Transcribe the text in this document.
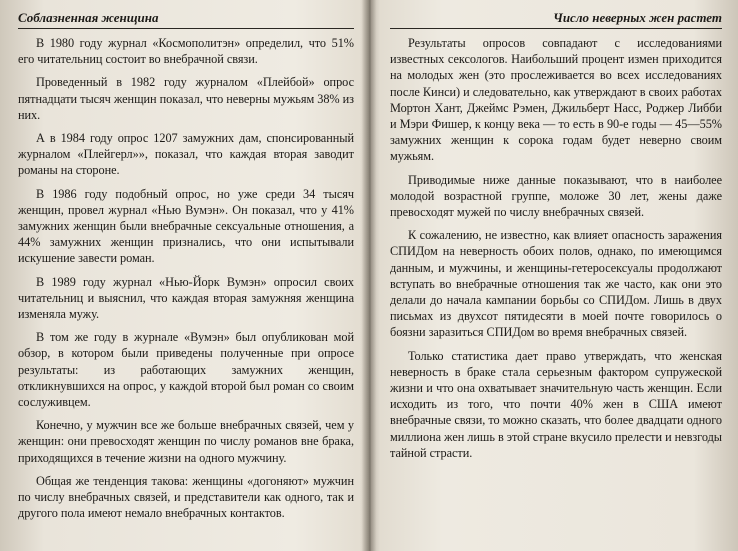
Соблазненная женщина

В 1980 году журнал «Космополитэн» определил, что 51% его читательниц состоит во внебрачной связи.

Проведенный в 1982 году журналом «Плейбой» опрос пятнадцати тысяч женщин показал, что неверны мужьям 38% из них.

А в 1984 году опрос 1207 замужних дам, спонсированный журналом «Плейгерл»», показал, что каждая вторая заводит романы на стороне.

В 1986 году подобный опрос, но уже среди 34 тысяч женщин, провел журнал «Нью Вумэн». Он показал, что у 41% замужних женщин были внебрачные сексуальные отношения, а 44% замужних женщин признались, что они испытывали искушение завести роман.

В 1989 году журнал «Нью-Йорк Вумэн» опросил своих читательниц и выяснил, что каждая вторая замужняя женщина изменяла мужу.

В том же году в журнале «Вумэн» был опубликован мой обзор, в котором были приведены полученные при опросе результаты: из работающих замужних женщин, откликнувшихся на опрос, у каждой второй был роман со своим сослуживцем.

Конечно, у мужчин все же больше внебрачных связей, чем у женщин: они превосходят женщин по числу романов вне брака, приходящихся в течение жизни на одного мужчину.

Общая же тенденция такова: женщины «догоняют» мужчин по числу внебрачных связей, и представители как одного, так и другого пола имеют немало внебрачных контактов.

Число неверных жен растет

Результаты опросов совпадают с исследованиями известных сексологов. Наибольший процент измен приходится на молодых жен (это прослеживается во всех исследованиях после Кинси) и следовательно, как утверждают в своих работах Мортон Хант, Джеймс Рэмен, Джильберт Насс, Роджер Либби и Мэри Фишер, к концу века — то есть в 90-е годы — 45—55% замужних женщин к сорока годам будет неверно своим мужьям.

Приводимые ниже данные показывают, что в наиболее молодой возрастной группе, моложе 30 лет, жены даже превосходят мужей по числу внебрачных связей.

К сожалению, не известно, как влияет опасность заражения СПИДом на неверность обоих полов, однако, по имеющимся данным, и мужчины, и женщины-гетеросексуалы продолжают вступать во внебрачные отношения так же часто, как они это делали до начала кампании борьбы со СПИДом. Лишь в двух письмах из двухсот пятидесяти в моей почте говорилось о боязни заразиться СПИДом во время внебрачных связей.

Только статистика дает право утверждать, что женская неверность в браке стала серьезным фактором супружеской жизни и что она охватывает значительную часть женщин. Если исходить из того, что почти 40% жен в США имеют внебрачные связи, то можно сказать, что более двадцати одного миллиона жен лишь в этой стране вкусило прелести и невзгоды тайной страсти.
